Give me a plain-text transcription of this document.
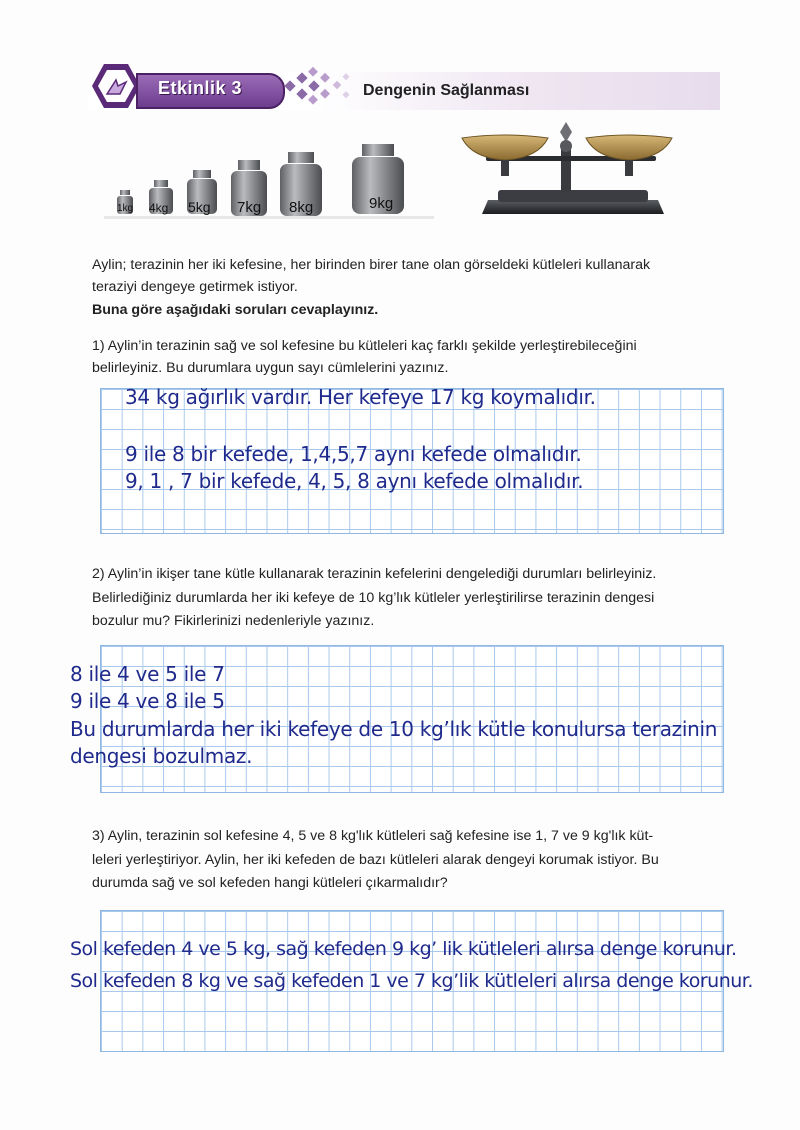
Etkinlik 3	Dengenin Sağlanması
1kg 4kg 5kg 7kg 8kg	9kg
Aylin; terazinin her iki kefesine, her birinden birer tane olan görseldeki kütleleri kullanarak
teraziyi dengeye getirmek istiyor.
Buna göre aşağıdaki soruları cevaplayınız.
1) Aylin’in terazinin sağ ve sol kefesine bu kütleleri kaç farklı şekilde yerleştirebileceğini
belirleyiniz. Bu durumlara uygun sayı cümlelerini yazınız.
34 kg ağırlık vardır. Her kefeye 17 kg koymalıdır.
9 ile 8 bir kefede, 1,4,5,7 aynı kefede olmalıdır.
9, 1 , 7 bir kefede, 4, 5, 8 aynı kefede olmalıdır.
2) Aylin’in ikişer tane kütle kullanarak terazinin kefelerini dengelediği durumları belirleyiniz.
Belirlediğiniz durumlarda her iki kefeye de 10 kg’lık kütleler yerleştirilirse terazinin dengesi
bozulur mu? Fikirlerinizi nedenleriyle yazınız.
8 ile 4 ve 5 ile 7
9 ile 4 ve 8 ile 5
Bu durumlarda her iki kefeye de 10 kg’lık kütle konulursa terazinin
dengesi bozulmaz.
3) Aylin, terazinin sol kefesine 4, 5 ve 8 kg'lık kütleleri sağ kefesine ise 1, 7 ve 9 kg'lık küt-
leleri yerleştiriyor. Aylin, her iki kefeden de bazı kütleleri alarak dengeyi korumak istiyor. Bu
durumda sağ ve sol kefeden hangi kütleleri çıkarmalıdır?
Sol kefeden 4 ve 5 kg, sağ kefeden 9 kg’ lik kütleleri alırsa denge korunur.
Sol kefeden 8 kg ve sağ kefeden 1 ve 7 kg’lik kütleleri alırsa denge korunur.
